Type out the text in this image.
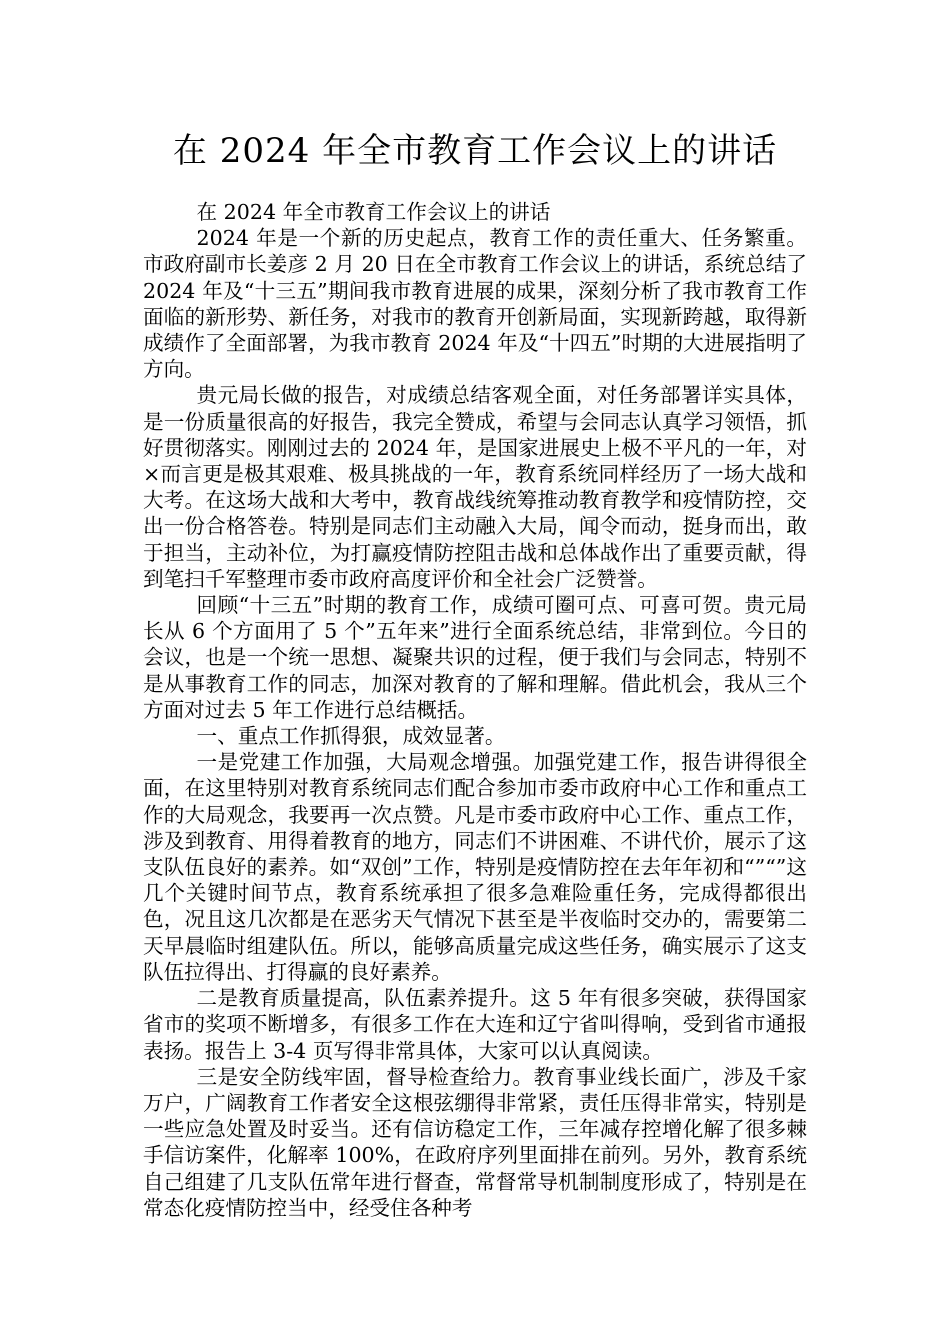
在 2024 年全市教育工作会议上的讲话

在 2024 年全市教育工作会议上的讲话

2024 年是一个新的历史起点，教育工作的责任重大、任务繁重。市政府副市长姜彦 2 月 20 日在全市教育工作会议上的讲话，系统总结了 2024 年及“十三五”期间我市教育进展的成果，深刻分析了我市教育工作面临的新形势、新任务，对我市的教育开创新局面，实现新跨越，取得新成绩作了全面部署，为我市教育 2024 年及“十四五”时期的大进展指明了方向。

贵元局长做的报告，对成绩总结客观全面，对任务部署详实具体，是一份质量很高的好报告，我完全赞成，希望与会同志认真学习领悟，抓好贯彻落实。刚刚过去的 2024 年，是国家进展史上极不平凡的一年，对×而言更是极其艰难、极具挑战的一年，教育系统同样经历了一场大战和大考。在这场大战和大考中，教育战线统筹推动教育教学和疫情防控，交出一份合格答卷。特别是同志们主动融入大局，闻令而动，挺身而出，敢于担当，主动补位，为打赢疫情防控阻击战和总体战作出了重要贡献，得到笔扫千军整理市委市政府高度评价和全社会广泛赞誉。

回顾“十三五”时期的教育工作，成绩可圈可点、可喜可贺。贵元局长从 6 个方面用了 5 个”五年来”进行全面系统总结，非常到位。今日的会议，也是一个统一思想、凝聚共识的过程，便于我们与会同志，特别不是从事教育工作的同志，加深对教育的了解和理解。借此机会，我从三个方面对过去 5 年工作进行总结概括。

一、重点工作抓得狠，成效显著。

一是党建工作加强，大局观念增强。加强党建工作，报告讲得很全面，在这里特别对教育系统同志们配合参加市委市政府中心工作和重点工作的大局观念，我要再一次点赞。凡是市委市政府中心工作、重点工作，涉及到教育、用得着教育的地方，同志们不讲困难、不讲代价，展示了这支队伍良好的素养。如“双创”工作，特别是疫情防控在去年年初和“”“”这几个关键时间节点，教育系统承担了很多急难险重任务，完成得都很出色，况且这几次都是在恶劣天气情况下甚至是半夜临时交办的，需要第二天早晨临时组建队伍。所以，能够高质量完成这些任务，确实展示了这支队伍拉得出、打得赢的良好素养。

二是教育质量提高，队伍素养提升。这 5 年有很多突破，获得国家省市的奖项不断增多，有很多工作在大连和辽宁省叫得响，受到省市通报表扬。报告上 3-4 页写得非常具体，大家可以认真阅读。

三是安全防线牢固，督导检查给力。教育事业线长面广，涉及千家万户，广阔教育工作者安全这根弦绷得非常紧，责任压得非常实，特别是一些应急处置及时妥当。还有信访稳定工作，三年减存控增化解了很多棘手信访案件，化解率 100%，在政府序列里面排在前列。另外，教育系统自己组建了几支队伍常年进行督查，常督常导机制制度形成了，特别是在常态化疫情防控当中，经受住各种考
